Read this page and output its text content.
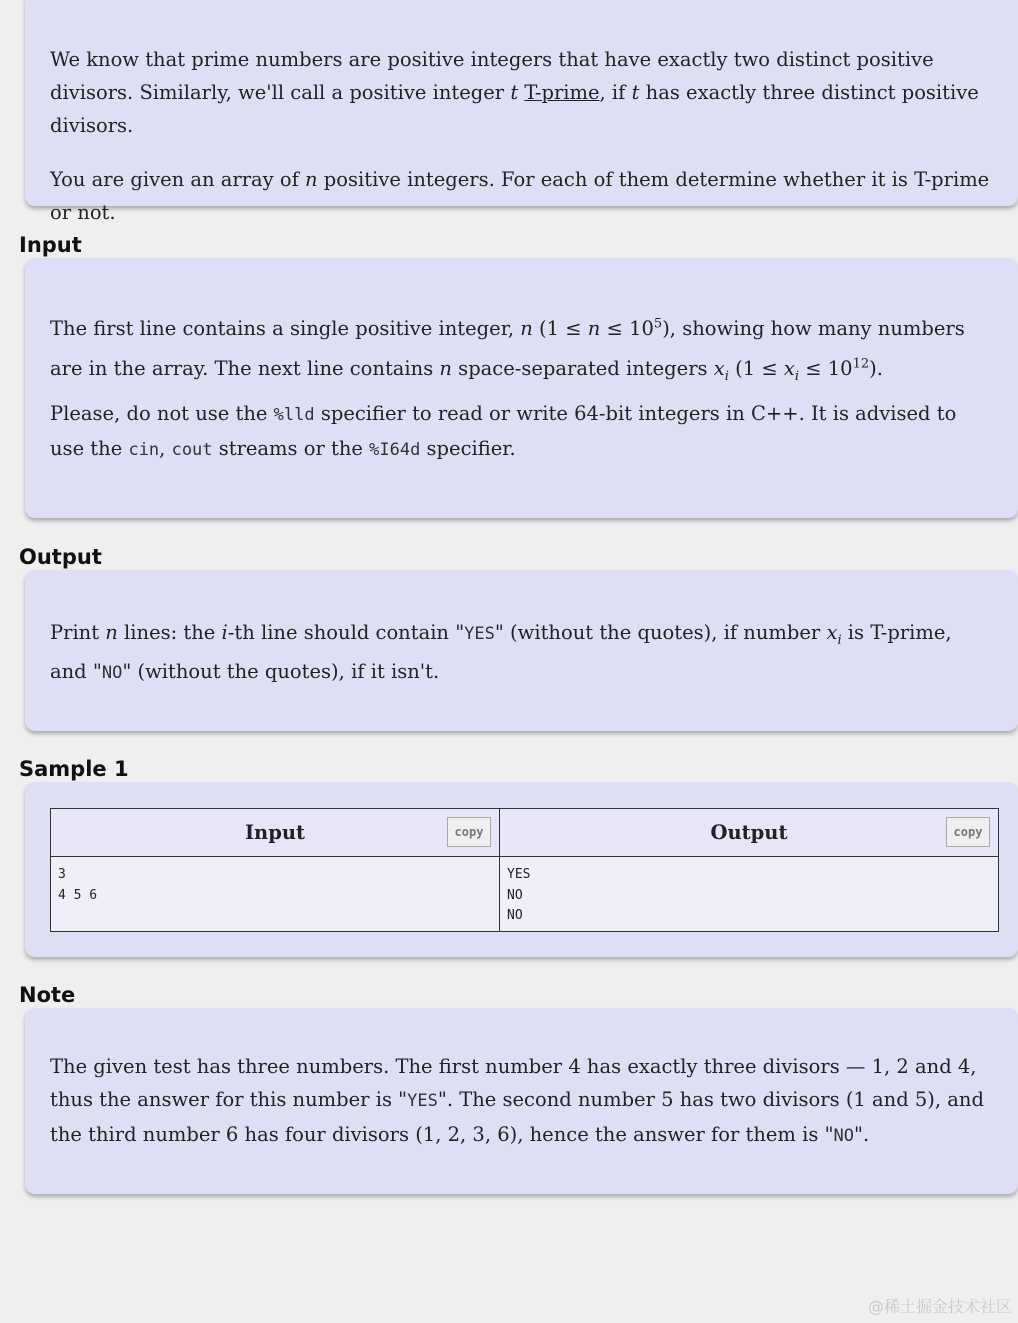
We know that prime numbers are positive integers that have exactly two distinct positive divisors. Similarly, we'll call a positive integer t T-prime, if t has exactly three distinct positive divisors.

You are given an array of n positive integers. For each of them determine whether it is T-prime or not.

Input

The first line contains a single positive integer, n $(1 \le n \le 10^5)$, showing how many numbers are in the array. The next line contains n space-separated integers $x_i$ $(1 \le x_i \le 10^{12})$.

Please, do not use the %lld specifier to read or write 64-bit integers in C++. It is advised to use the cin, cout streams or the %I64d specifier.

Output

Print n lines: the i-th line should contain "YES" (without the quotes), if number $x_i$ is T-prime, and "NO" (without the quotes), if it isn't.

Sample 1
Input	copy
3
4 5 6
Output	copy
YES
NO
NO
Note

The given test has three numbers. The first number 4 has exactly three divisors — 1, 2 and 4, thus the answer for this number is "YES". The second number 5 has two divisors (1 and 5), and the third number 6 has four divisors (1, 2, 3, 6), hence the answer for them is "NO".

@稀土掘金技术社区
